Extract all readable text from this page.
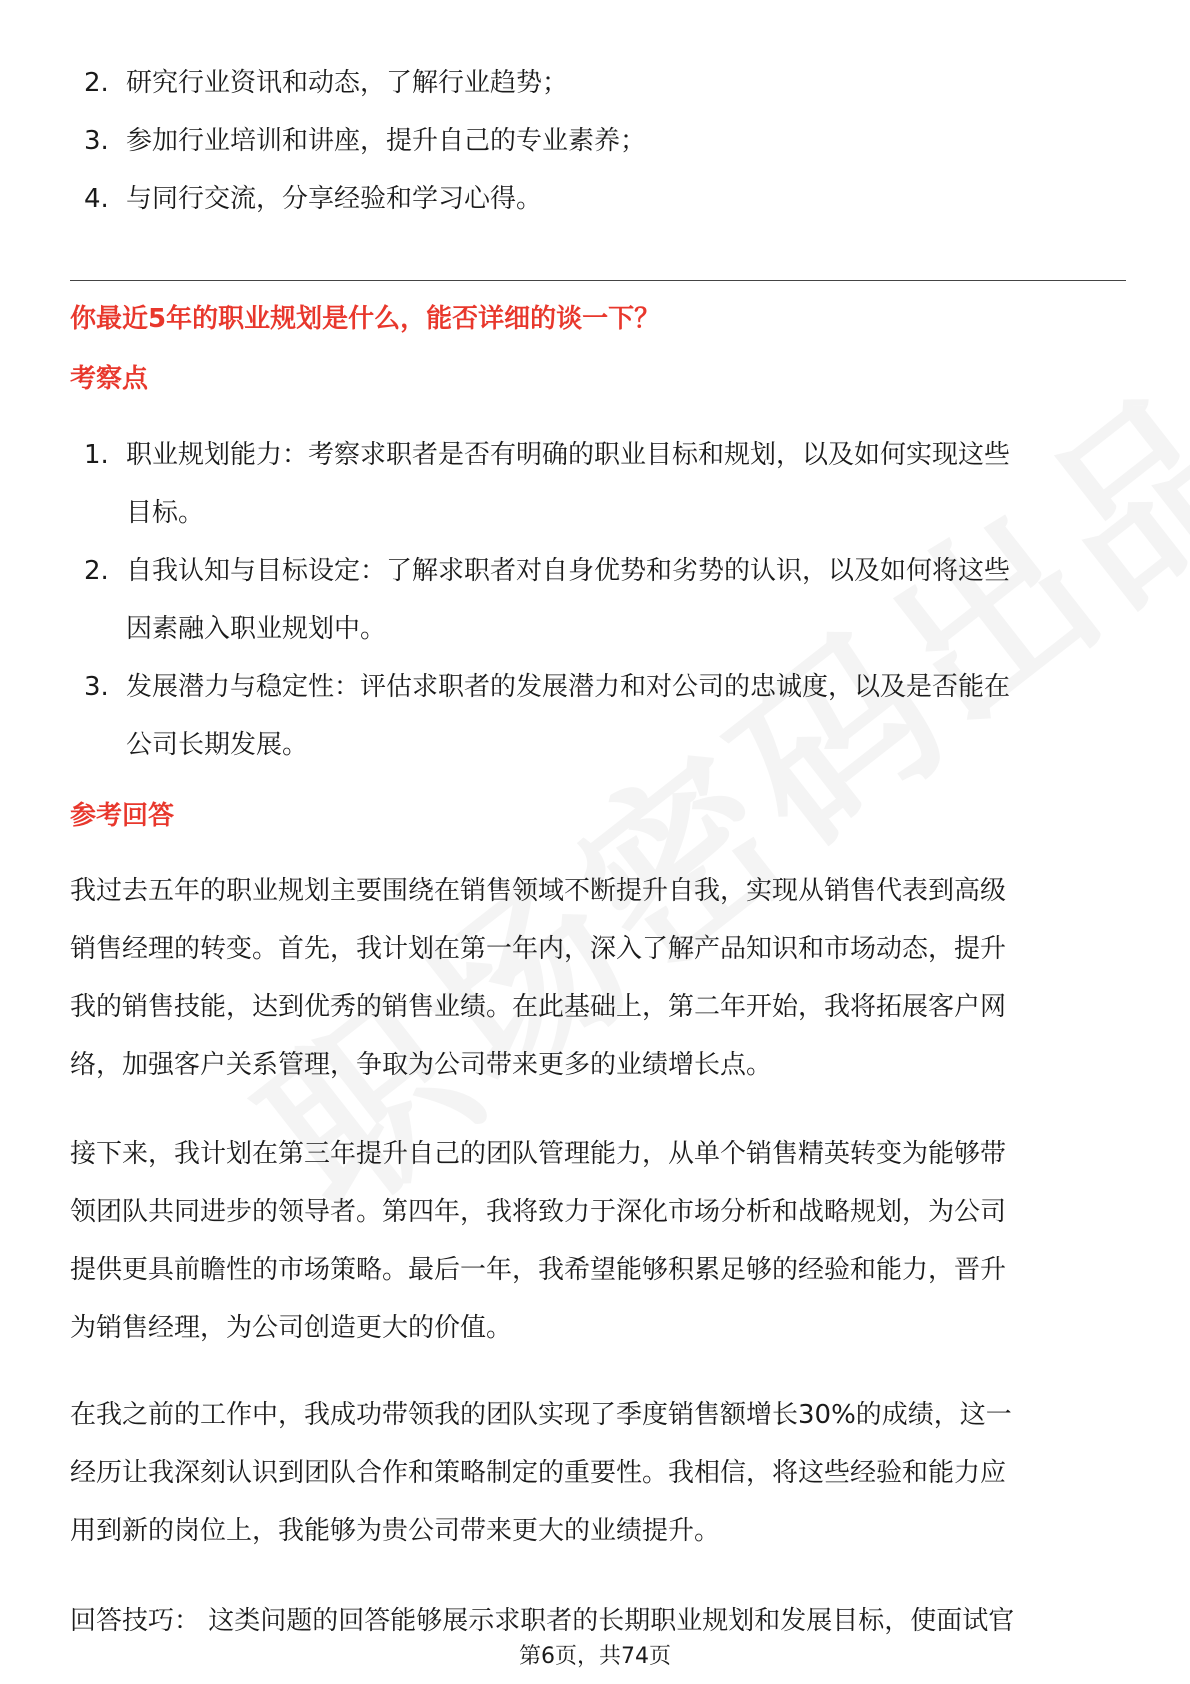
2. 研究行业资讯和动态，了解行业趋势；
3. 参加行业培训和讲座，提升自己的专业素养；
4. 与同行交流，分享经验和学习心得。
你最近5年的职业规划是什么，能否详细的谈一下？
考察点
1. 职业规划能力：考察求职者是否有明确的职业目标和规划，以及如何实现这些
目标。
2. 自我认知与目标设定：了解求职者对自身优势和劣势的认识，以及如何将这些
因素融入职业规划中。
3. 发展潜力与稳定性：评估求职者的发展潜力和对公司的忠诚度，以及是否能在
公司长期发展。
参考回答

我过去五年的职业规划主要围绕在销售领域不断提升自我，实现从销售代表到高级
销售经理的转变。首先，我计划在第一年内，深入了解产品知识和市场动态，提升
我的销售技能，达到优秀的销售业绩。在此基础上，第二年开始，我将拓展客户网
络，加强客户关系管理，争取为公司带来更多的业绩增长点。

接下来，我计划在第三年提升自己的团队管理能力，从单个销售精英转变为能够带
领团队共同进步的领导者。第四年，我将致力于深化市场分析和战略规划，为公司
提供更具前瞻性的市场策略。最后一年，我希望能够积累足够的经验和能力，晋升
为销售经理，为公司创造更大的价值。

在我之前的工作中，我成功带领我的团队实现了季度销售额增长30%的成绩，这一
经历让我深刻认识到团队合作和策略制定的重要性。我相信，将这些经验和能力应
用到新的岗位上，我能够为贵公司带来更大的业绩提升。

回答技巧： 这类问题的回答能够展示求职者的长期职业规划和发展目标，使面试官

第6页，共74页
